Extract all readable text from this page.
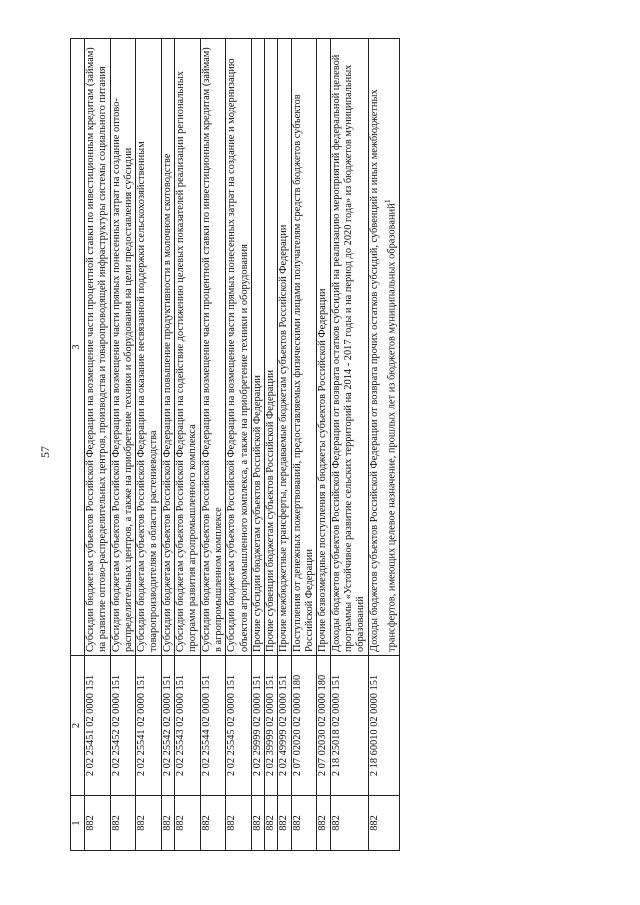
57
1	2	3
882	2 02 25451 02 0000 151	Субсидии бюджетам субъектов Российской Федерации на возмещение части процентной ставки по инвестиционным кредитам (займам) на развитие оптово-распределительных центров, производства и товаропроводящей инфраструктуры системы социального питания
882	2 02 25452 02 0000 151	Субсидии бюджетам субъектов Российской Федерации на возмещение части прямых понесенных затрат на создание оптово-распределительных центров, а также на приобретение техники и оборудования на цели предоставления субсидии
882	2 02 25541 02 0000 151	Субсидии бюджетам субъектов Российской Федерации на оказание несвязанной поддержки сельскохозяйственным товаропроизводителям в области растениеводства
882	2 02 25542 02 0000 151	Субсидии бюджетам субъектов Российской Федерации на повышение продуктивности в молочном скотоводстве
882	2 02 25543 02 0000 151	Субсидии бюджетам субъектов Российской Федерации на содействие достижению целевых показателей реализации региональных программ развития агропромышленного комплекса
882	2 02 25544 02 0000 151	Субсидии бюджетам субъектов Российской Федерации на возмещение части процентной ставки по инвестиционным кредитам (займам) в агропромышленном комплексе
882	2 02 25545 02 0000 151	Субсидии бюджетам субъектов Российской Федерации на возмещение части прямых понесенных затрат на создание и модернизацию объектов агропромышленного комплекса, а также на приобретение техники и оборудования
882	2 02 29999 02 0000 151	Прочие субсидии бюджетам субъектов Российской Федерации
882	2 02 39999 02 0000 151	Прочие субвенции бюджетам субъектов Российской Федерации
882	2 02 49999 02 0000 151	Прочие межбюджетные трансферты, передаваемые бюджетам субъектов Российской Федерации
882	2 07 02020 02 0000 180	Поступления от денежных пожертвований, предоставляемых физическими лицами получателям средств бюджетов субъектов Российской Федерации
882	2 07 02030 02 0000 180	Прочие безвозмездные поступления в бюджеты субъектов Российской Федерации
882	2 18 25018 02 0000 151	Доходы бюджетов субъектов Российской Федерации от возврата остатков субсидий на реализацию мероприятий федеральной целевой программы «Устойчивое развитие сельских территорий на 2014 - 2017 годы и на период до 2020 года» из бюджетов муниципальных образований
882	2 18 60010 02 0000 151	Доходы бюджетов субъектов Российской Федерации от возврата прочих остатков субсидий, субвенций и иных межбюджетных трансфертов, имеющих целевое назначение, прошлых лет из бюджетов муниципальных образований$^1$
